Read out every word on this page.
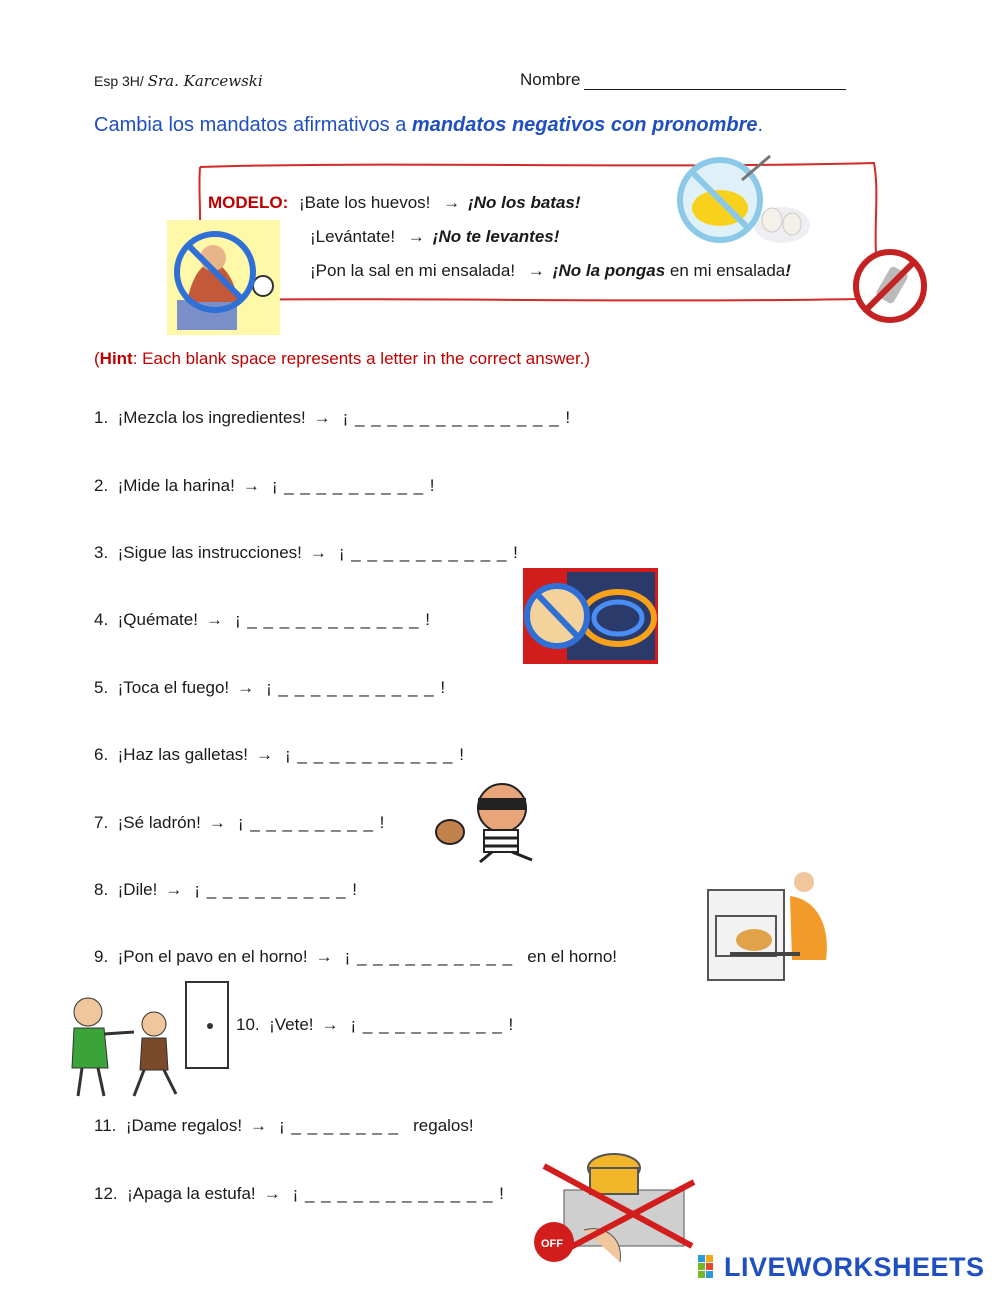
Esp 3H/ Sra. Karcewski	Nombre
Cambia los mandatos afirmativos a mandatos negativos con pronombre.
MODELO: ¡Bate los huevos! → ¡No los batas!
¡Levántate! → ¡No te levantes!
¡Pon la sal en mi ensalada! → ¡No la pongas en mi ensalada!
(Hint: Each blank space represents a letter in the correct answer.)
1. ¡Mezcla los ingredientes! → ¡ _ _ _ _ _ _ _ _ _ _ _ _ _ !
2. ¡Mide la harina! → ¡ _ _ _ _ _ _ _ _ _ !
3. ¡Sigue las instrucciones! → ¡ _ _ _ _ _ _ _ _ _ _ !
4. ¡Quémate! → ¡ _ _ _ _ _ _ _ _ _ _ _ !
5. ¡Toca el fuego! → ¡ _ _ _ _ _ _ _ _ _ _ !
6. ¡Haz las galletas! → ¡ _ _ _ _ _ _ _ _ _ _ !
7. ¡Sé ladrón! → ¡ _ _ _ _ _ _ _ _ !
8. ¡Dile! → ¡ _ _ _ _ _ _ _ _ _ !
9. ¡Pon el pavo en el horno! → ¡ _ _ _ _ _ _ _ _ _ _ en el horno!
10. ¡Vete! → ¡ _ _ _ _ _ _ _ _ _ !
11. ¡Dame regalos! → ¡ _ _ _ _ _ _ _ regalos!
12. ¡Apaga la estufa! → ¡ _ _ _ _ _ _ _ _ _ _ _ _ !
OFF
LIVEWORKSHEETS
